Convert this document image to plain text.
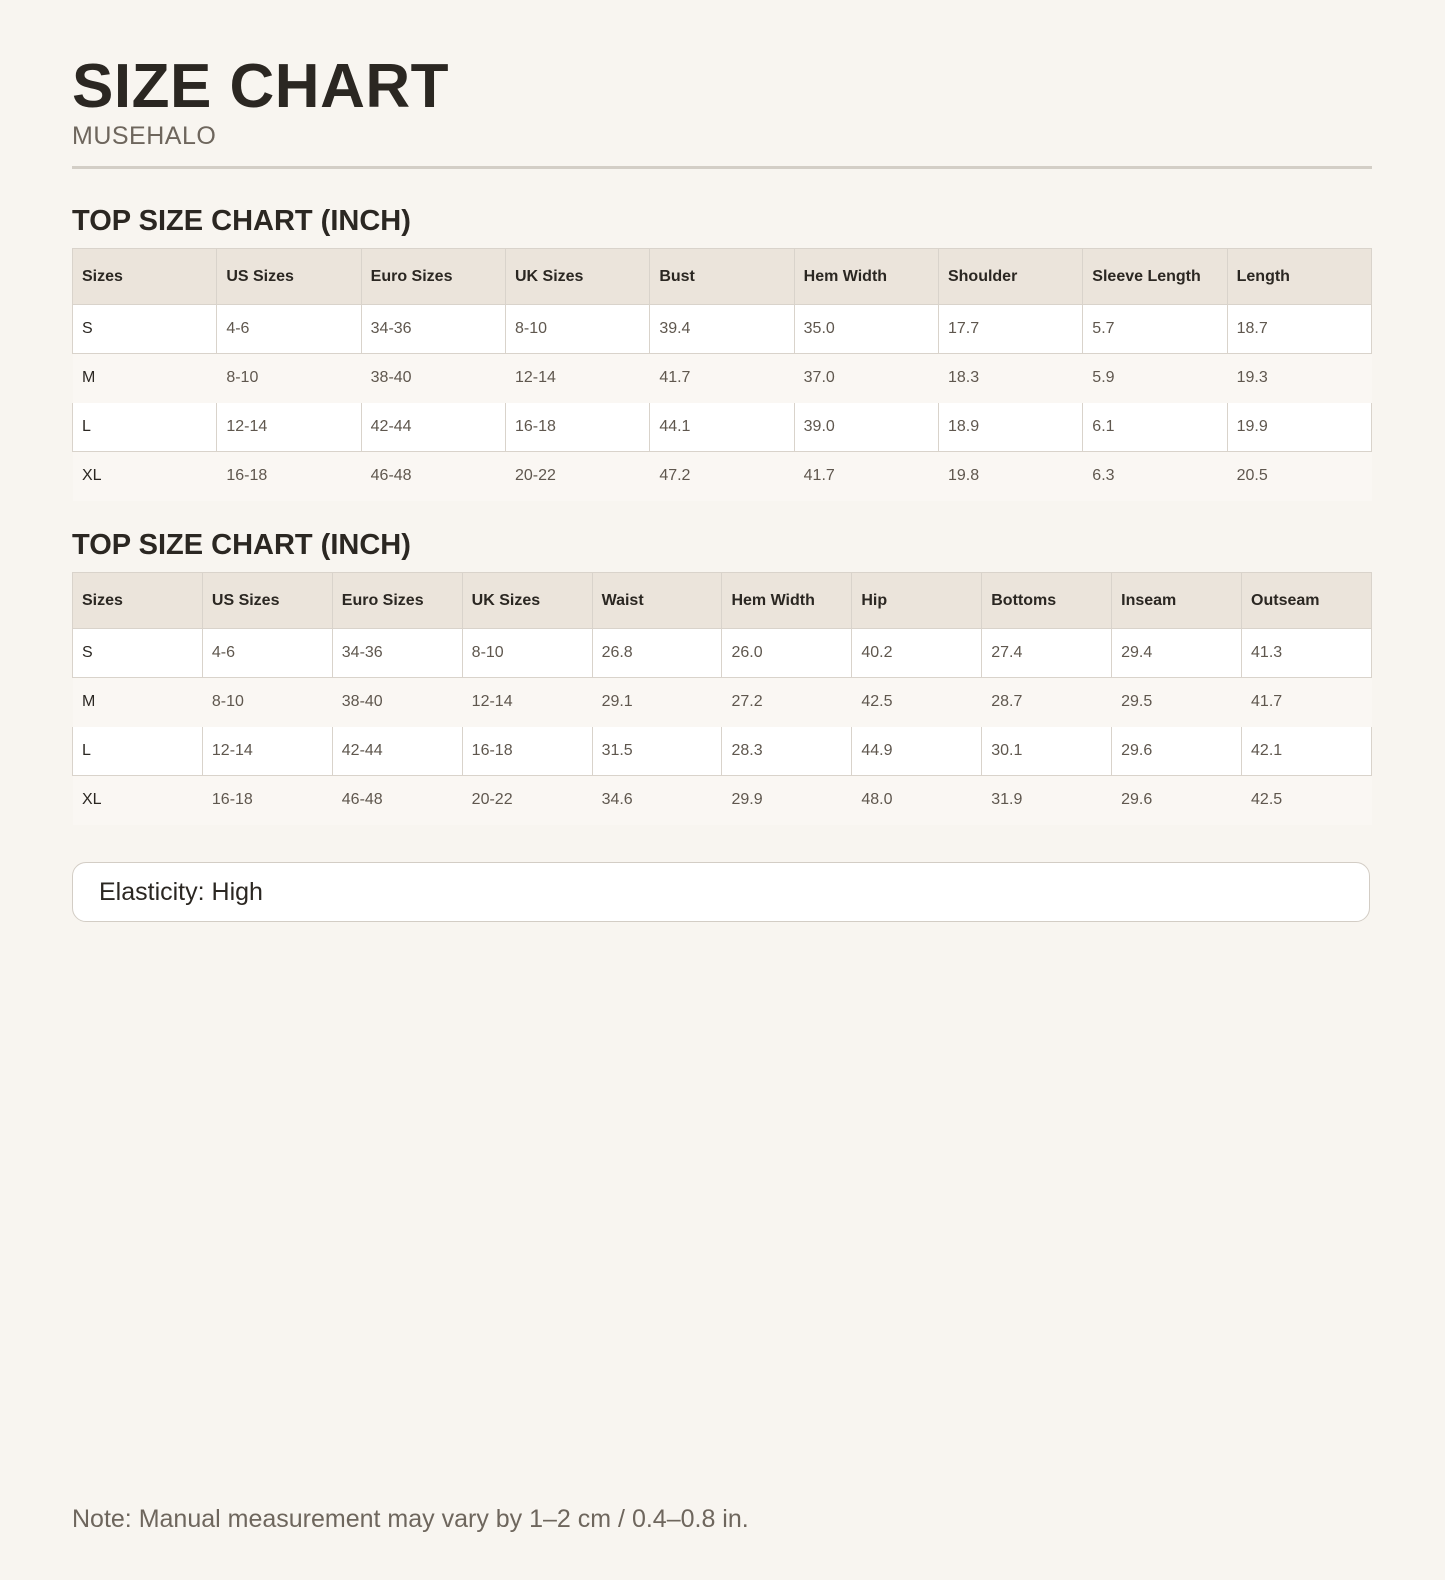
SIZE CHART
MUSEHALO
TOP SIZE CHART (INCH)
Sizes	US Sizes	Euro Sizes	UK Sizes	Bust	Hem Width	Shoulder	Sleeve Length	Length
S	4-6	34-36	8-10	39.4	35.0	17.7	5.7	18.7
M	8-10	38-40	12-14	41.7	37.0	18.3	5.9	19.3
L	12-14	42-44	16-18	44.1	39.0	18.9	6.1	19.9
XL	16-18	46-48	20-22	47.2	41.7	19.8	6.3	20.5
TOP SIZE CHART (INCH)
Sizes	US Sizes	Euro Sizes	UK Sizes	Waist	Hem Width	Hip	Bottoms	Inseam	Outseam
S	4-6	34-36	8-10	26.8	26.0	40.2	27.4	29.4	41.3
M	8-10	38-40	12-14	29.1	27.2	42.5	28.7	29.5	41.7
L	12-14	42-44	16-18	31.5	28.3	44.9	30.1	29.6	42.1
XL	16-18	46-48	20-22	34.6	29.9	48.0	31.9	29.6	42.5
Elasticity: High
Note: Manual measurement may vary by 1–2 cm / 0.4–0.8 in.
